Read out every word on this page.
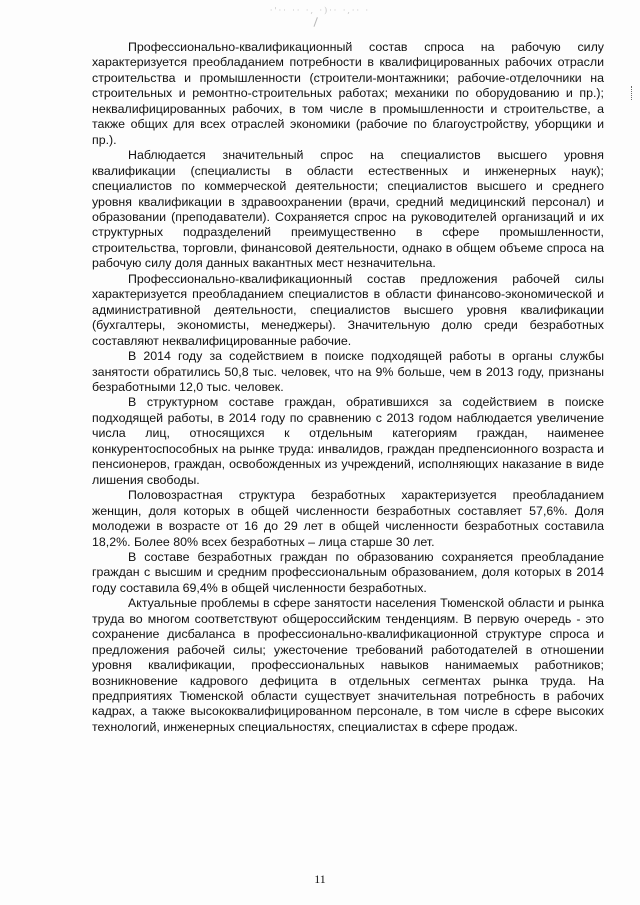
·'·· ·· ·, ·)·· ·,·· ·

Профессионально-квалификационный состав спроса на рабочую силу характеризуется преобладанием потребности в квалифицированных рабочих отрасли строительства и промышленности (строители-монтажники; рабочие-отделочники на строительных и ремонтно-строительных работах; механики по оборудованию и пр.); неквалифицированных рабочих, в том числе в промышленности и строительстве, а также общих для всех отраслей экономики (рабочие по благоустройству, уборщики и пр.).

Наблюдается значительный спрос на специалистов высшего уровня квалификации (специалисты в области естественных и инженерных наук); специалистов по коммерческой деятельности; специалистов высшего и среднего уровня квалификации в здравоохранении (врачи, средний медицинский персонал) и образовании (преподаватели). Сохраняется спрос на руководителей организаций и их структурных подразделений преимущественно в сфере промышленности, строительства, торговли, финансовой деятельности, однако в общем объеме спроса на рабочую силу доля данных вакантных мест незначительна.

Профессионально-квалификационный состав предложения рабочей силы характеризуется преобладанием специалистов в области финансово-экономической и административной деятельности, специалистов высшего уровня квалификации (бухгалтеры, экономисты, менеджеры). Значительную долю среди безработных составляют неквалифицированные рабочие.

В 2014 году за содействием в поиске подходящей работы в органы службы занятости обратились 50,8 тыс. человек, что на 9% больше, чем в 2013 году, признаны безработными 12,0 тыс. человек.

В структурном составе граждан, обратившихся за содействием в поиске подходящей работы, в 2014 году по сравнению с 2013 годом наблюдается увеличение числа лиц, относящихся к отдельным категориям граждан, наименее конкурентоспособных на рынке труда: инвалидов, граждан предпенсионного возраста и пенсионеров, граждан, освобожденных из учреждений, исполняющих наказание в виде лишения свободы.

Половозрастная структура безработных характеризуется преобладанием женщин, доля которых в общей численности безработных составляет 57,6%. Доля молодежи в возрасте от 16 до 29 лет в общей численности безработных составила 18,2%. Более 80% всех безработных – лица старше 30 лет.

В составе безработных граждан по образованию сохраняется преобладание граждан с высшим и средним профессиональным образованием, доля которых в 2014 году составила 69,4% в общей численности безработных.

Актуальные проблемы в сфере занятости населения Тюменской области и рынка труда во многом соответствуют общероссийским тенденциям. В первую очередь - это сохранение дисбаланса в профессионально-квалификационной структуре спроса и предложения рабочей силы; ужесточение требований работодателей в отношении уровня квалификации, профессиональных навыков нанимаемых работников; возникновение кадрового дефицита в отдельных сегментах рынка труда. На предприятиях Тюменской области существует значительная потребность в рабочих кадрах, а также высококвалифицированном персонале, в том числе в сфере высоких технологий, инженерных специальностях, специалистах в сфере продаж.

11
